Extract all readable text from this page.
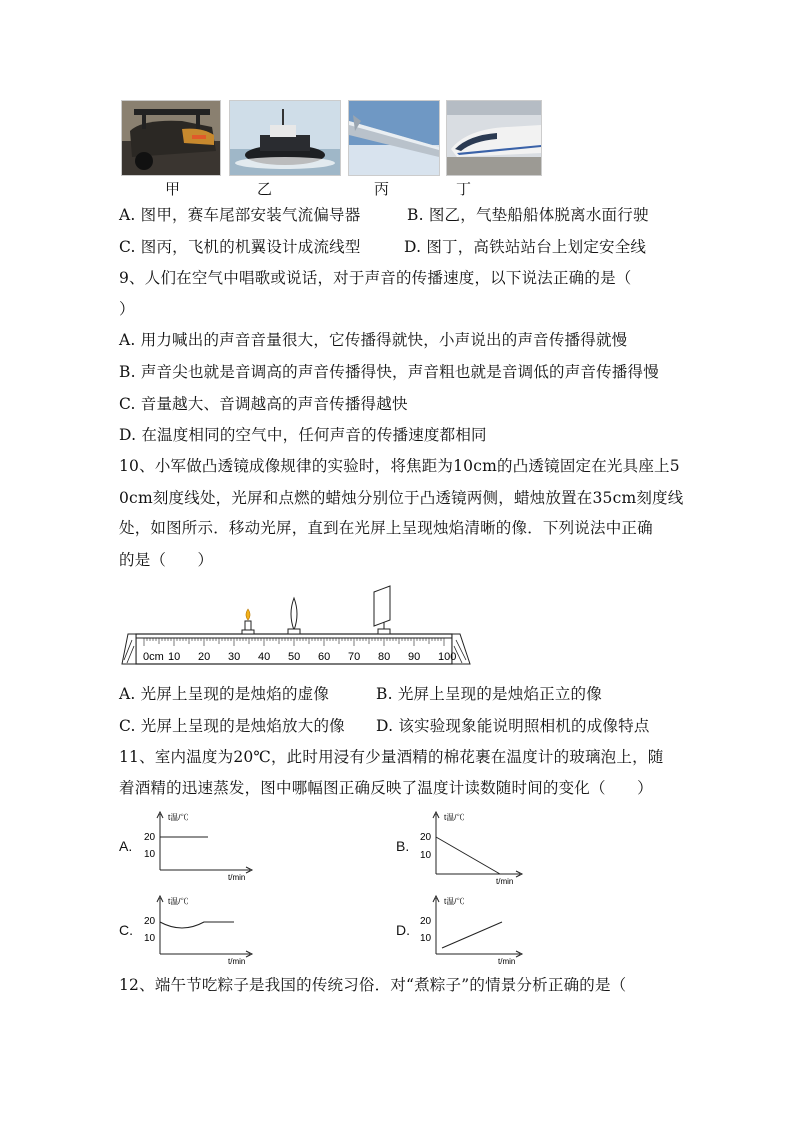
甲	乙	丙	丁
A. 图甲，赛车尾部安装气流偏导器	B. 图乙，气垫船船体脱离水面行驶
C. 图丙，飞机的机翼设计成流线型	D. 图丁，高铁站站台上划定安全线
9、人们在空气中唱歌或说话，对于声音的传播速度，以下说法正确的是（
）
A. 用力喊出的声音音量很大，它传播得就快，小声说出的声音传播得就慢
B. 声音尖也就是音调高的声音传播得快，声音粗也就是音调低的声音传播得慢
C. 音量越大、音调越高的声音传播得越快
D. 在温度相同的空气中，任何声音的传播速度都相同
10、小军做凸透镜成像规律的实验时，将焦距为10cm的凸透镜固定在光具座上5
0cm刻度线处，光屏和点燃的蜡烛分别位于凸透镜两侧，蜡烛放置在35cm刻度线
处，如图所示．移动光屏，直到在光屏上呈现烛焰清晰的像．下列说法中正确
的是（　　）
0cm 10 20 30 40 50 60 70 80 90 100
A. 光屏上呈现的是烛焰的虚像	B. 光屏上呈现的是烛焰正立的像
C. 光屏上呈现的是烛焰放大的像 D. 该实验现象能说明照相机的成像特点
11、室内温度为20℃，此时用浸有少量酒精的棉花裹在温度计的玻璃泡上，随
着酒精的迅速蒸发，图中哪幅图正确反映了温度计读数随时间的变化（　　）
A.
t温/℃
20
10
t/min
B.
t温/℃
20
10
t/min
C.
t温/℃
20
10
t/min
D.
t温/℃
20
10
t/min
12、端午节吃粽子是我国的传统习俗．对“煮粽子”的情景分析正确的是（
